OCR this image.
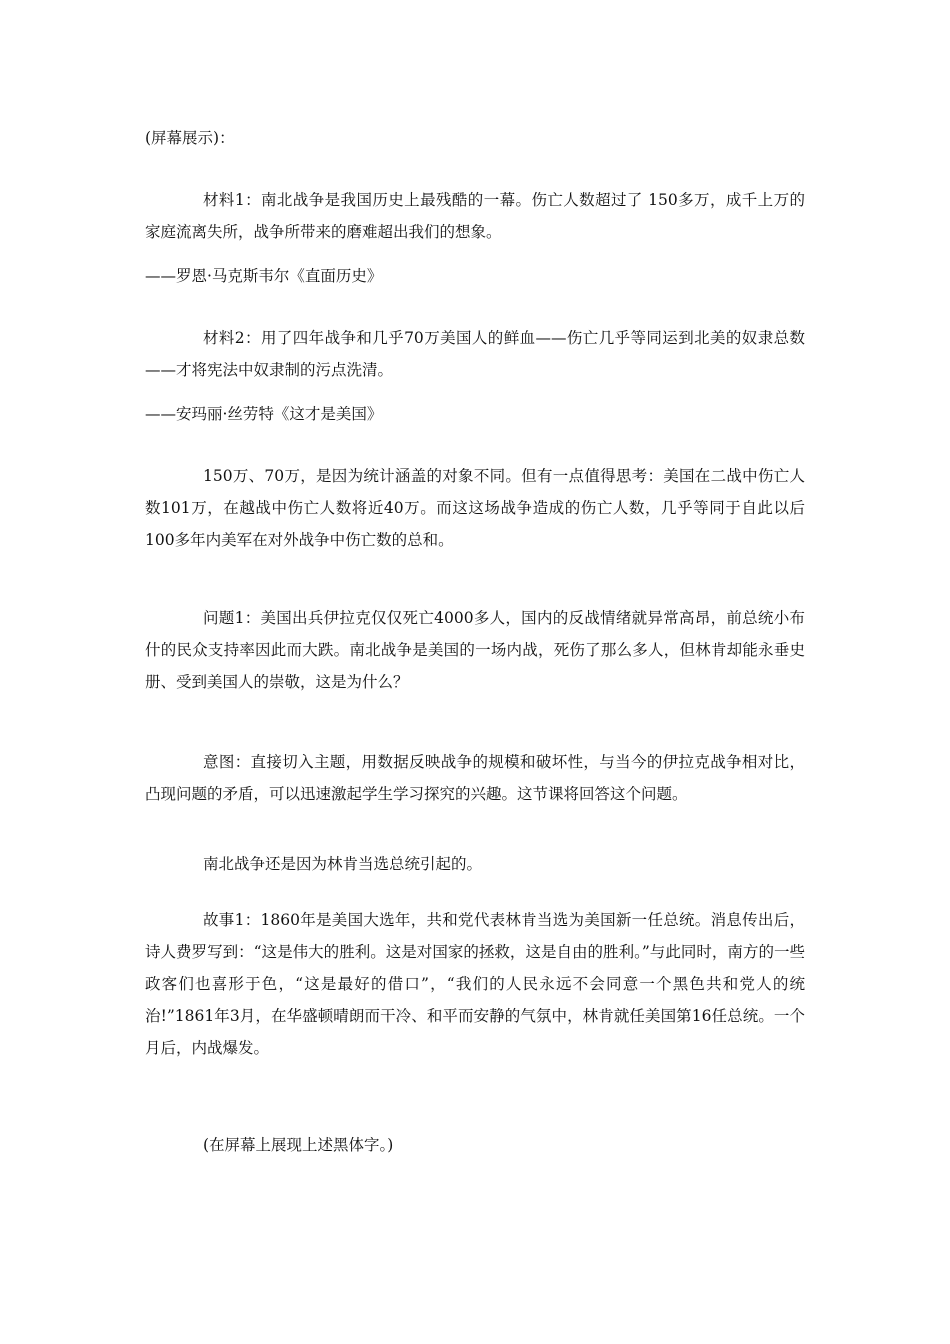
(屏幕展示)：
材料1：南北战争是我国历史上最残酷的一幕。伤亡人数超过了 150多万，成千上万的家庭流离失所，战争所带来的磨难超出我们的想象。
——罗恩·马克斯韦尔《直面历史》
材料2：用了四年战争和几乎70万美国人的鲜血——伤亡几乎等同运到北美的奴隶总数——才将宪法中奴隶制的污点洗清。
——安玛丽·丝劳特《这才是美国》
150万、70万，是因为统计涵盖的对象不同。但有一点值得思考：美国在二战中伤亡人数101万，在越战中伤亡人数将近40万。而这这场战争造成的伤亡人数，几乎等同于自此以后100多年内美军在对外战争中伤亡数的总和。
问题1：美国出兵伊拉克仅仅死亡4000多人，国内的反战情绪就异常高昂，前总统小布什的民众支持率因此而大跌。南北战争是美国的一场内战，死伤了那么多人，但林肯却能永垂史册、受到美国人的崇敬，这是为什么？
意图：直接切入主题，用数据反映战争的规模和破坏性，与当今的伊拉克战争相对比，凸现问题的矛盾，可以迅速激起学生学习探究的兴趣。这节课将回答这个问题。
南北战争还是因为林肯当选总统引起的。
故事1：1860年是美国大选年，共和党代表林肯当选为美国新一任总统。消息传出后，诗人费罗写到：“这是伟大的胜利。这是对国家的拯救，这是自由的胜利。”与此同时，南方的一些政客们也喜形于色，“这是最好的借口”，“我们的人民永远不会同意一个黑色共和党人的统治!”1861年3月，在华盛顿晴朗而干冷、和平而安静的气氛中，林肯就任美国第16任总统。一个月后，内战爆发。
(在屏幕上展现上述黑体字。)
